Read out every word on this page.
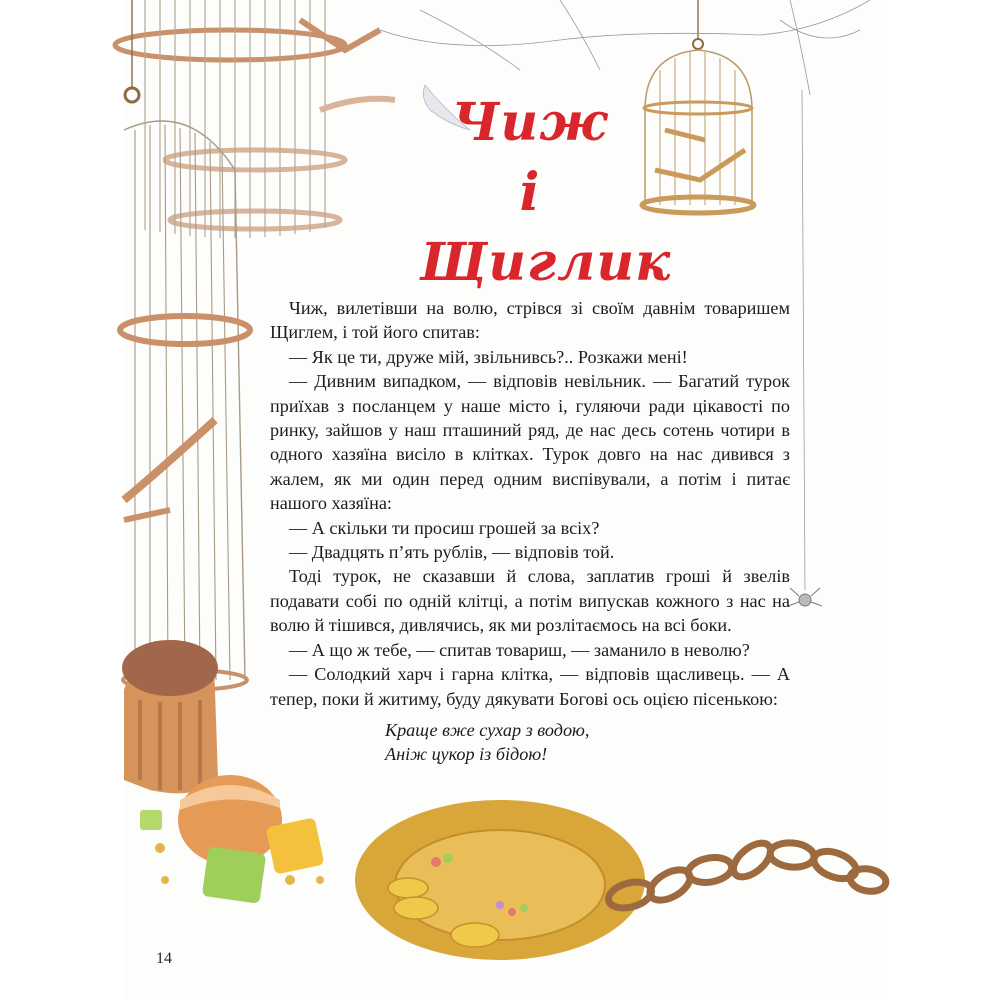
Чиж
і Щиглик

Чиж, вилетівши на волю, стрівся зі своїм давнім товаришем Щиглем, і той його спитав:

— Як це ти, друже мій, звільнивсь?.. Розкажи мені!

— Дивним випадком, — відповів невільник. — Багатий турок приїхав з посланцем у наше місто і, гуляючи ради цікавості по ринку, зайшов у наш пташиний ряд, де нас десь сотень чотири в одного хазяїна висіло в клітках. Турок довго на нас дивився з жалем, як ми один перед одним виспівували, а потім і питає нашого хазяїна:

— А скільки ти просиш грошей за всіх?

— Двадцять п’ять рублів, — відповів той.

Тоді турок, не сказавши й слова, заплатив гроші й звелів подавати собі по одній клітці, а потім випускав кожного з нас на волю й тішився, дивлячись, як ми розлітаємось на всі боки.

— А що ж тебе, — спитав товариш, — заманило в неволю?

— Солодкий харч і гарна клітка, — відповів щасливець. — А тепер, поки й житиму, буду дякувати Богові ось оцією пісенькою:

Краще вже сухар з водою,
Аніж цукор із бідою!
14
